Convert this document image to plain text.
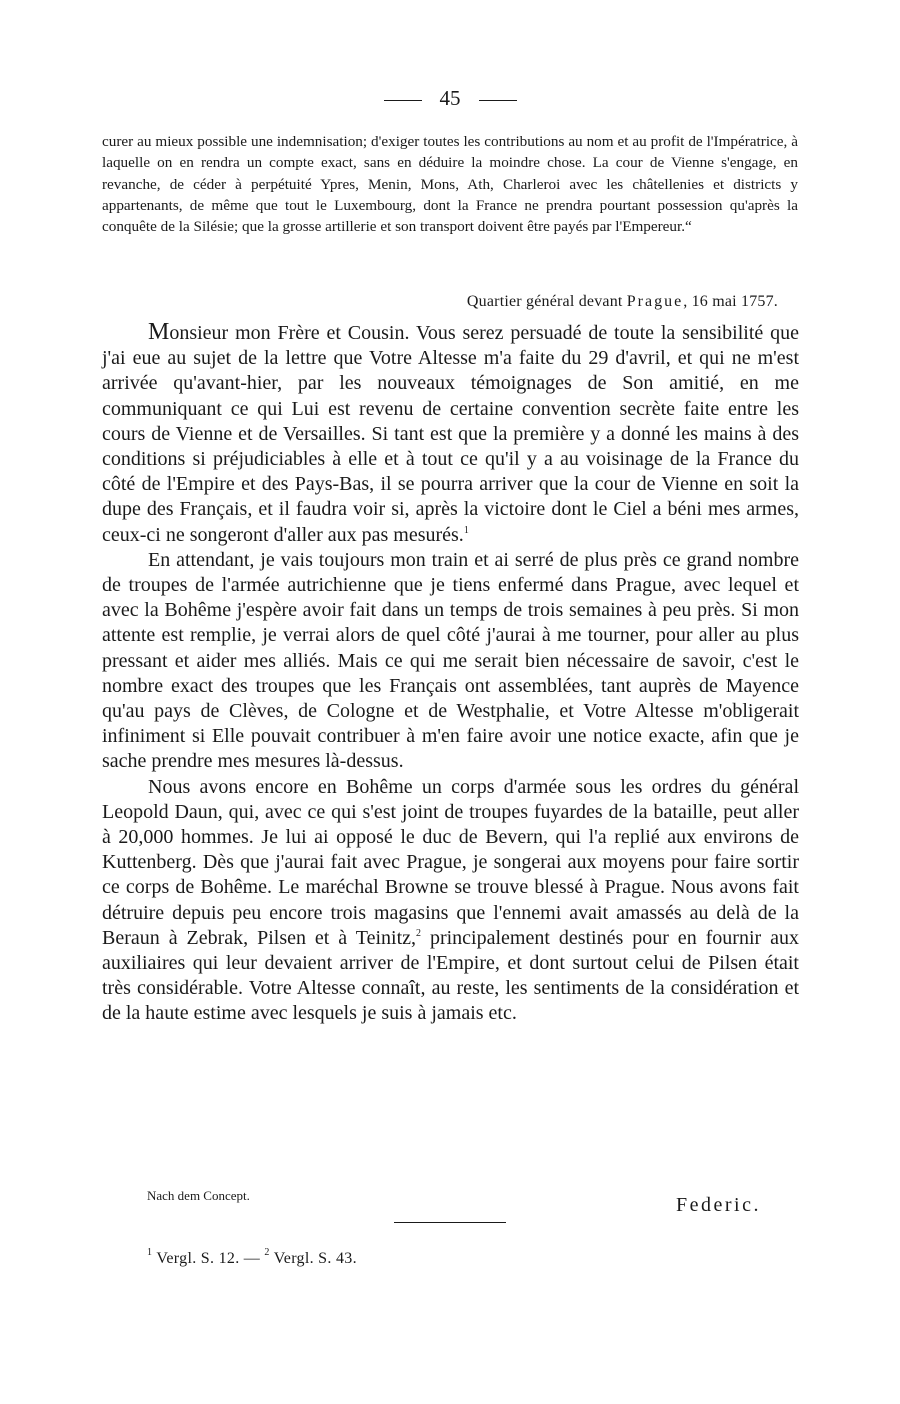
45
curer au mieux possible une indemnisation; d'exiger toutes les contributions au nom et au profit de l'Impératrice, à laquelle on en rendra un compte exact, sans en déduire la moindre chose. La cour de Vienne s'engage, en revanche, de céder à perpétuité Ypres, Menin, Mons, Ath, Charleroi avec les châtellenies et districts y appartenants, de même que tout le Luxembourg, dont la France ne prendra pourtant possession qu'après la conquête de la Silésie; que la grosse artillerie et son transport doivent être payés par l'Empereur.“
Quartier général devant Prague, 16 mai 1757.

Monsieur mon Frère et Cousin. Vous serez persuadé de toute la sensibilité que j'ai eue au sujet de la lettre que Votre Altesse m'a faite du 29 d'avril, et qui ne m'est arrivée qu'avant-hier, par les nouveaux témoignages de Son amitié, en me communiquant ce qui Lui est revenu de certaine convention secrète faite entre les cours de Vienne et de Versailles. Si tant est que la première y a donné les mains à des conditions si préjudiciables à elle et à tout ce qu'il y a au voisinage de la France du côté de l'Empire et des Pays-Bas, il se pourra arriver que la cour de Vienne en soit la dupe des Français, et il faudra voir si, après la victoire dont le Ciel a béni mes armes, ceux-ci ne songeront d'aller aux pas mesurés.$^1$

En attendant, je vais toujours mon train et ai serré de plus près ce grand nombre de troupes de l'armée autrichienne que je tiens enfermé dans Prague, avec lequel et avec la Bohême j'espère avoir fait dans un temps de trois semaines à peu près. Si mon attente est remplie, je verrai alors de quel côté j'aurai à me tourner, pour aller au plus pressant et aider mes alliés. Mais ce qui me serait bien nécessaire de savoir, c'est le nombre exact des troupes que les Français ont assemblées, tant auprès de Mayence qu'au pays de Clèves, de Cologne et de Westphalie, et Votre Altesse m'obligerait infiniment si Elle pouvait contribuer à m'en faire avoir une notice exacte, afin que je sache prendre mes mesures là-dessus.

Nous avons encore en Bohême un corps d'armée sous les ordres du général Leopold Daun, qui, avec ce qui s'est joint de troupes fuyardes de la bataille, peut aller à 20,000 hommes. Je lui ai opposé le duc de Bevern, qui l'a replié aux environs de Kuttenberg. Dès que j'aurai fait avec Prague, je songerai aux moyens pour faire sortir ce corps de Bohême. Le maréchal Browne se trouve blessé à Prague. Nous avons fait détruire depuis peu encore trois magasins que l'ennemi avait amassés au delà de la Beraun à Zebrak, Pilsen et à Teinitz,$^2$ principalement destinés pour en fournir aux auxiliaires qui leur devaient arriver de l'Empire, et dont surtout celui de Pilsen était très considérable. Votre Altesse connaît, au reste, les sentiments de la considération et de la haute estime avec lesquels je suis à jamais etc.

Nach dem Concept.	Federic.
$^1$ Vergl. S. 12. — $^2$ Vergl. S. 43.
